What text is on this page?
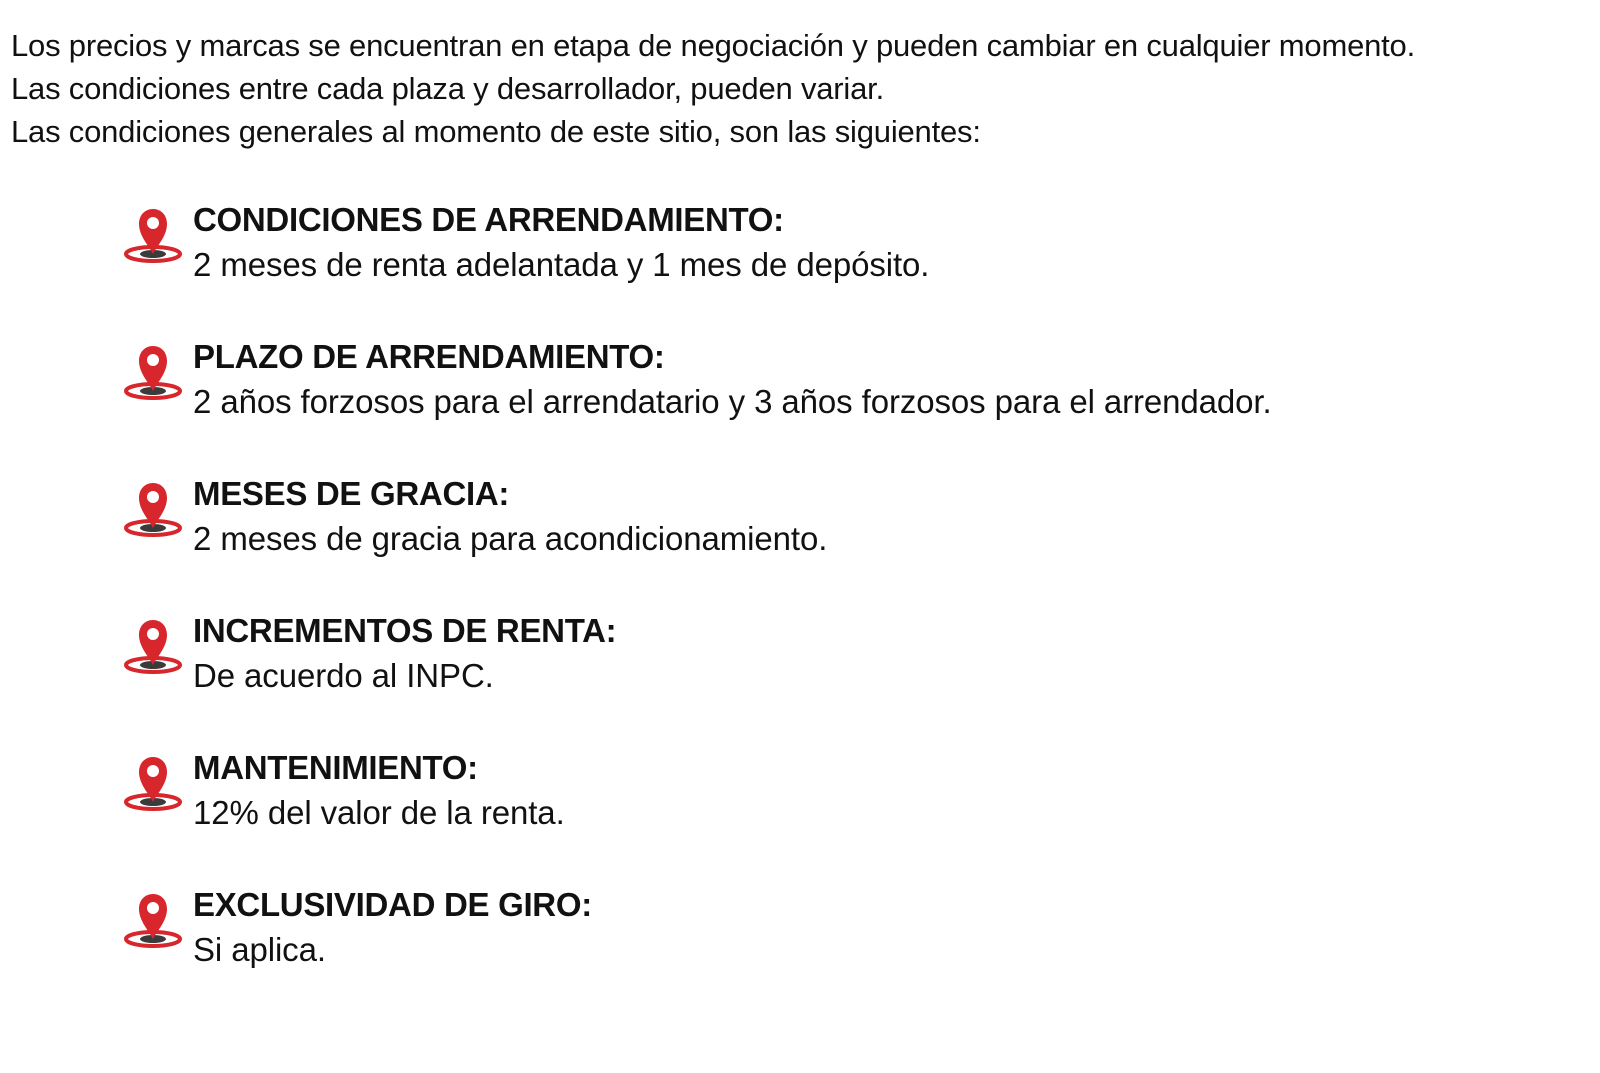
Los precios y marcas se encuentran en etapa de negociación y pueden cambiar en cualquier momento.

Las condiciones entre cada plaza y desarrollador, pueden variar.

Las condiciones generales al momento de este sitio, son las siguientes:

CONDICIONES DE ARRENDAMIENTO:
2 meses de renta adelantada y 1 mes de depósito.
PLAZO DE ARRENDAMIENTO:
2 años forzosos para el arrendatario y 3 años forzosos para el arrendador.
MESES DE GRACIA:
2 meses de gracia para acondicionamiento.
INCREMENTOS DE RENTA:
De acuerdo al INPC.
MANTENIMIENTO:
12% del valor de la renta.
EXCLUSIVIDAD DE GIRO:
Si aplica.
